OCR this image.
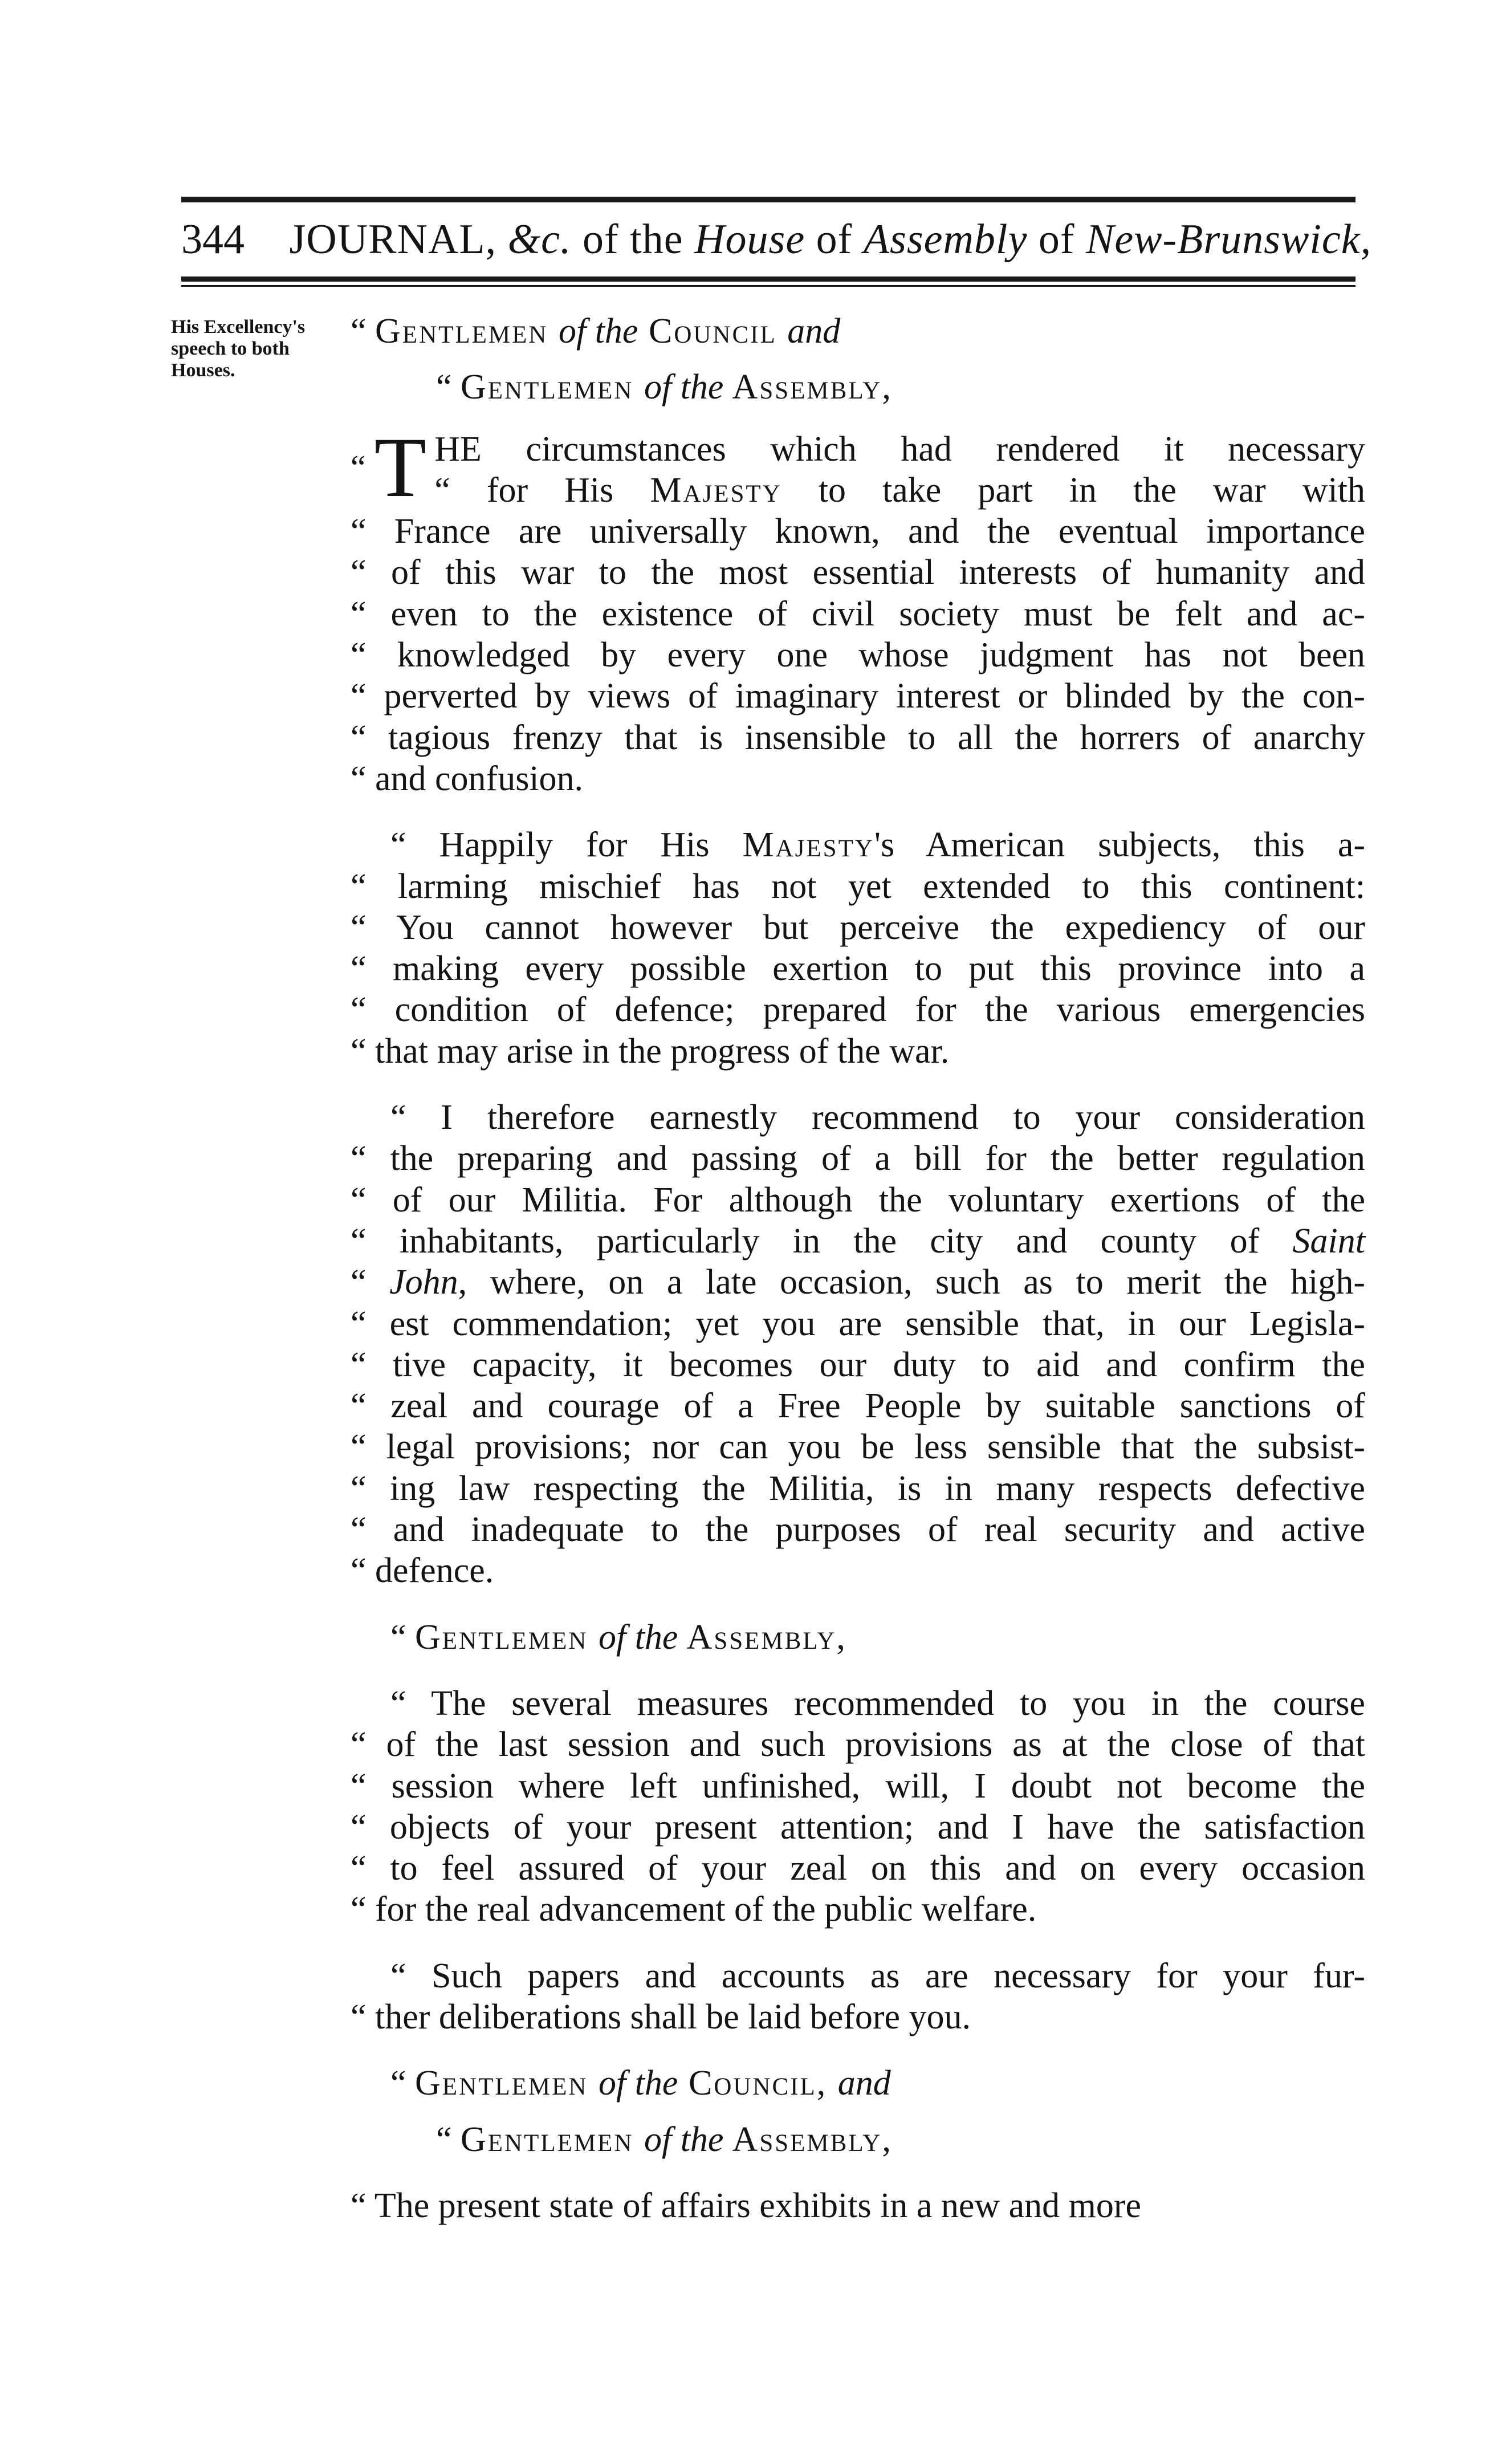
344 JOURNAL, &c. of the House of Assembly of New-Brunswick,
His Excellency's speech to both Houses.

“ Gentlemen of the Council and

“ Gentlemen of the Assembly,

“ T HE circumstances which had rendered it necessary

“ for His Majesty to take part in the war with

“ France are universally known, and the eventual importance

“ of this war to the most essential interests of humanity and

“ even to the existence of civil society must be felt and ac-

“ knowledged by every one whose judgment has not been

“ perverted by views of imaginary interest or blinded by the con-

“ tagious frenzy that is insensible to all the horrers of anarchy

“ and confusion.

“ Happily for His Majesty's American subjects, this a-

“ larming mischief has not yet extended to this continent:

“ You cannot however but perceive the expediency of our

“ making every possible exertion to put this province into a

“ condition of defence; prepared for the various emergencies

“ that may arise in the progress of the war.

“ I therefore earnestly recommend to your consideration

“ the preparing and passing of a bill for the better regulation

“ of our Militia. For although the voluntary exertions of the

“ inhabitants, particularly in the city and county of Saint

“ John, where, on a late occasion, such as to merit the high-

“ est commendation; yet you are sensible that, in our Legisla-

“ tive capacity, it becomes our duty to aid and confirm the

“ zeal and courage of a Free People by suitable sanctions of

“ legal provisions; nor can you be less sensible that the subsist-

“ ing law respecting the Militia, is in many respects defective

“ and inadequate to the purposes of real security and active

“ defence.

“ Gentlemen of the Assembly,

“ The several measures recommended to you in the course

“ of the last session and such provisions as at the close of that

“ session where left unfinished, will, I doubt not become the

“ objects of your present attention; and I have the satisfaction

“ to feel assured of your zeal on this and on every occasion

“ for the real advancement of the public welfare.

“ Such papers and accounts as are necessary for your fur-

“ ther deliberations shall be laid before you.

“ Gentlemen of the Council, and

“ Gentlemen of the Assembly,

“ The present state of affairs exhibits in a new and more
